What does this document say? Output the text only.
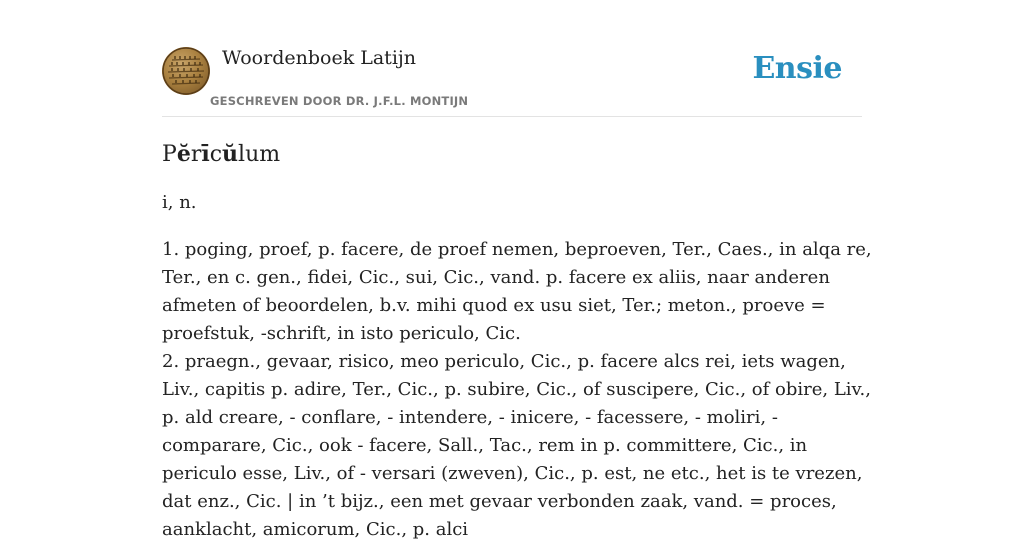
Woordenboek Latijn
GESCHREVEN DOOR DR. J.F.L. MONTIJN
Ensie
Pĕrīcŭlum

i, n.

1. poging, proef, p. facere, de proef nemen, beproeven, Ter., Caes., in alqa re, Ter., en c. gen., fidei, Cic., sui, Cic., vand. p. facere ex aliis, naar anderen afmeten of beoordelen, b.v. mihi quod ex usu siet, Ter.; meton., proeve = proefstuk, -schrift, in isto periculo, Cic.

2. praegn., gevaar, risico, meo periculo, Cic., p. facere alcs rei, iets wagen, Liv., capitis p. adire, Ter., Cic., p. subire, Cic., of suscipere, Cic., of obire, Liv., p. ald creare, - conflare, - intendere, - inicere, - facessere, - moliri, - comparare, Cic., ook - facere, Sall., Tac., rem in p. committere, Cic., in periculo esse, Liv., of - versari (zweven), Cic., p. est, ne etc., het is te vrezen, dat enz., Cic. | in ’t bijz., een met gevaar verbonden zaak, vand. = proces, aanklacht, amicorum, Cic., p. alci
